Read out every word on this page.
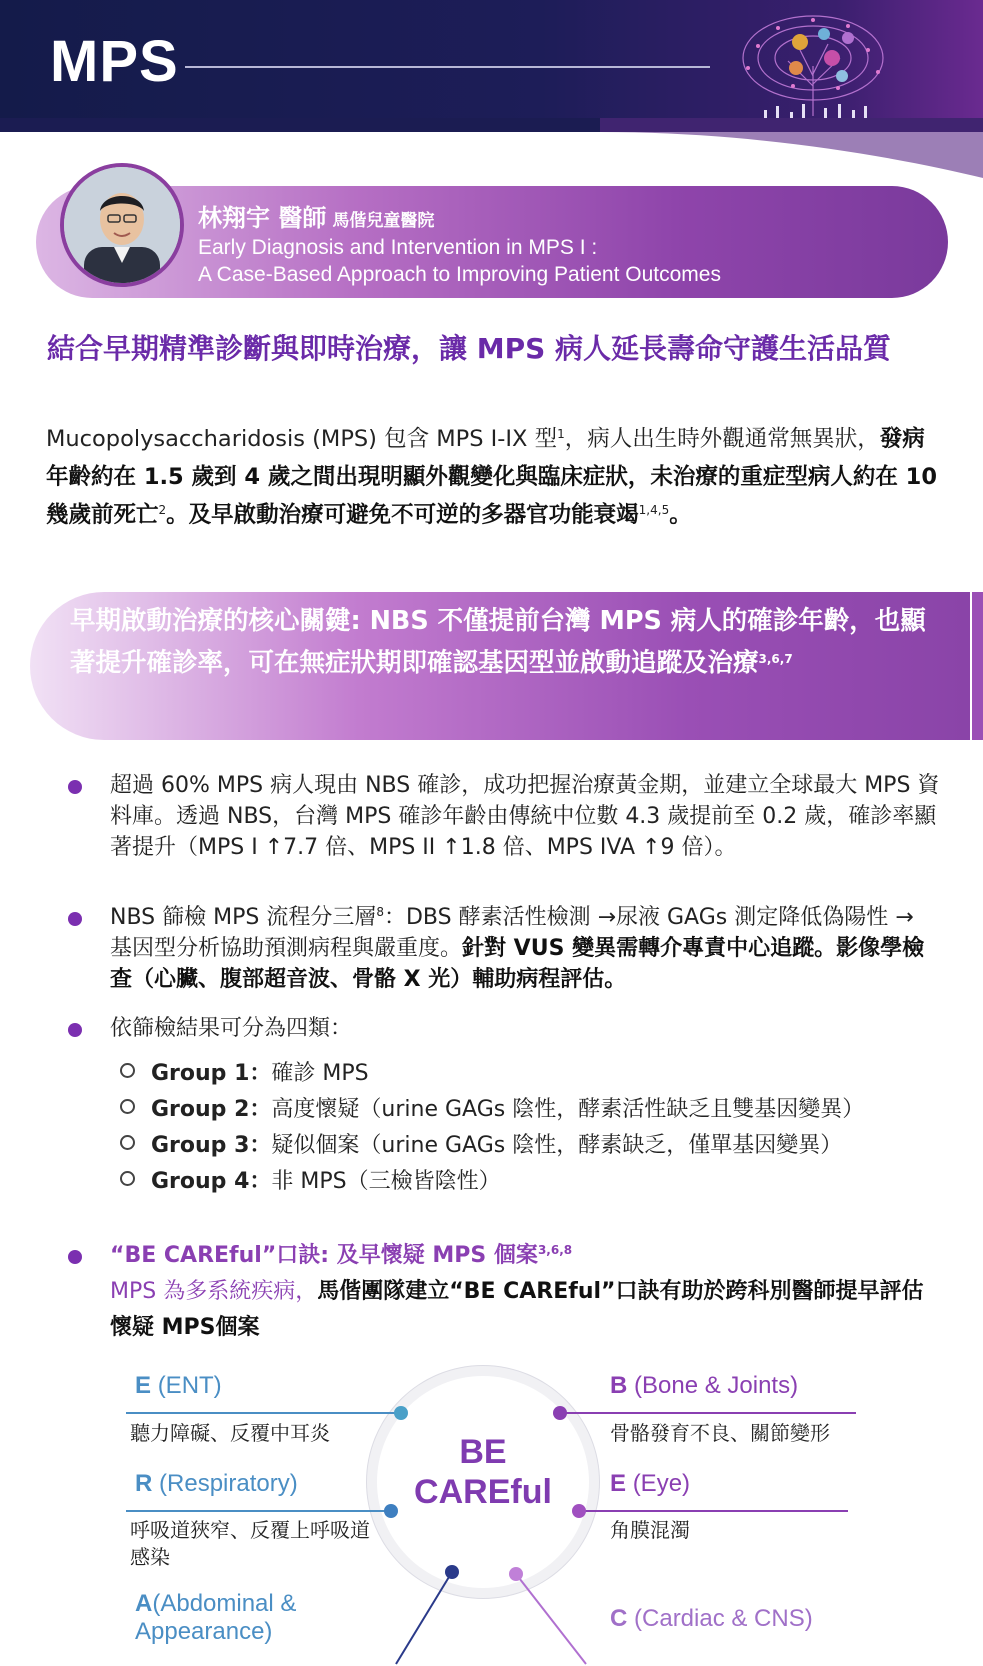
MPS
林翔宇 醫師 馬偕兒童醫院
Early Diagnosis and Intervention in MPS I :
A Case-Based Approach to Improving Patient Outcomes
結合早期精準診斷與即時治療，讓 MPS 病人延長壽命守護生活品質
Mucopolysaccharidosis (MPS) 包含 MPS I-IX 型$^1$，病人出生時外觀通常無異狀，發病年齡約在 1.5 歲到 4 歲之間出現明顯外觀變化與臨床症狀，未治療的重症型病人約在 10 幾歲前死亡$^2$。及早啟動治療可避免不可逆的多器官功能衰竭$^{1,4,5}$。
早期啟動治療的核心關鍵: NBS 不僅提前台灣 MPS 病人的確診年齡，也顯著提升確診率，可在無症狀期即確認基因型並啟動追蹤及治療$^{3,6,7}$
超過 60% MPS 病人現由 NBS 確診，成功把握治療黃金期，並建立全球最大 MPS 資料庫。透過 NBS，台灣 MPS 確診年齡由傳統中位數 4.3 歲提前至 0.2 歲，確診率顯著提升（MPS I ↑7.7 倍、MPS II ↑1.8 倍、MPS IVA ↑9 倍）。
NBS 篩檢 MPS 流程分三層$^8$：DBS 酵素活性檢測 →尿液 GAGs 測定降低偽陽性 → 基因型分析協助預測病程與嚴重度。針對 VUS 變異需轉介專責中心追蹤。影像學檢查（心臟、腹部超音波、骨骼 X 光）輔助病程評估。
依篩檢結果可分為四類：
Group 1：確診 MPS
Group 2：高度懷疑（urine GAGs 陰性，酵素活性缺乏且雙基因變異）
Group 3：疑似個案（urine GAGs 陰性，酵素缺乏，僅單基因變異）
Group 4：非 MPS（三檢皆陰性）
“BE CAREful”口訣: 及早懷疑 MPS 個案$^{3,6,8}$
MPS 為多系統疾病，馬偕團隊建立“BE CAREful”口訣有助於跨科別醫師提早評估懷疑 MPS個案
BE
CAREful
E (ENT)
聽力障礙、反覆中耳炎
R (Respiratory)
呼吸道狹窄、反覆上呼吸道感染
A(Abdominal & Appearance)
B (Bone & Joints)
骨骼發育不良、關節變形
E (Eye)
角膜混濁
C (Cardiac & CNS)
